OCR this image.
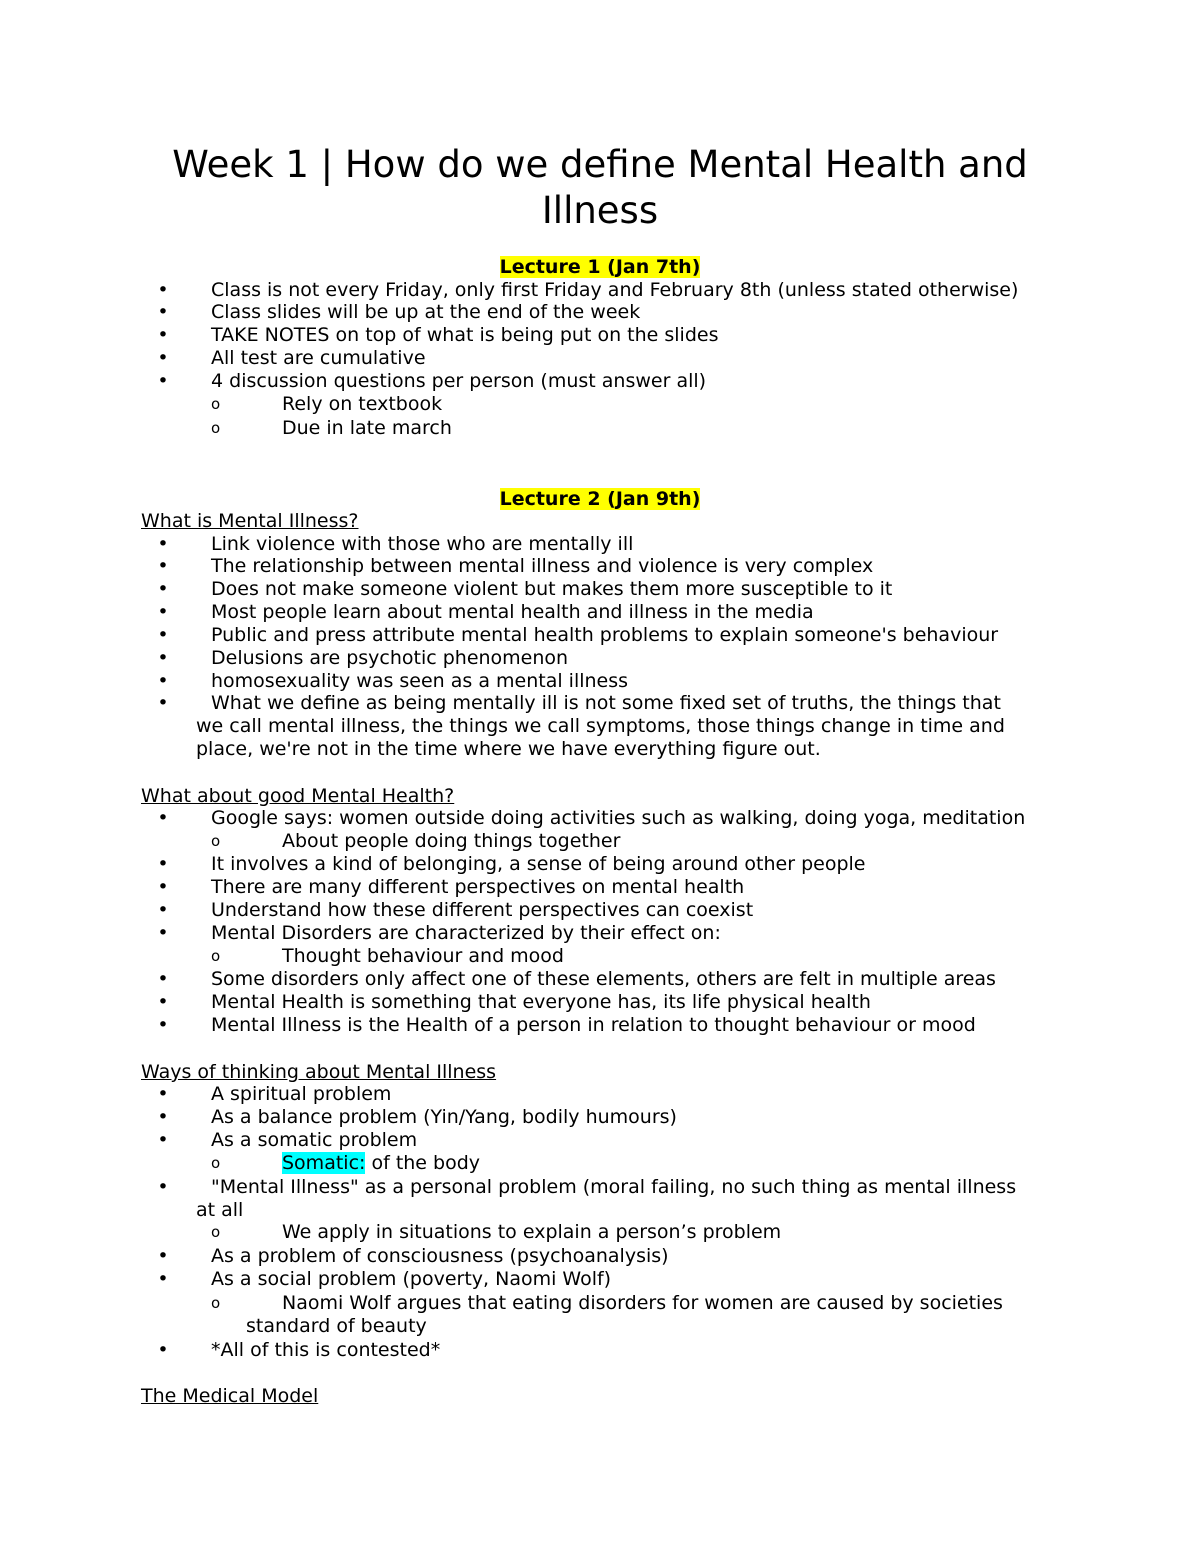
Week 1 | How do we define Mental Health and Illness
Lecture 1 (Jan 7th)
• Class is not every Friday, only first Friday and February 8th (unless stated otherwise)
• Class slides will be up at the end of the week
• TAKE NOTES on top of what is being put on the slides
• All test are cumulative
• 4 discussion questions per person (must answer all)
o	Rely on textbook
o	Due in late march
Lecture 2 (Jan 9th)
What is Mental Illness?
• Link violence with those who are mentally ill
• The relationship between mental illness and violence is very complex
• Does not make someone violent but makes them more susceptible to it
• Most people learn about mental health and illness in the media
• Public and press attribute mental health problems to explain someone's behaviour
• Delusions are psychotic phenomenon
• homosexuality was seen as a mental illness
• What we define as being mentally ill is not some fixed set of truths, the things that
we call mental illness, the things we call symptoms, those things change in time and
place, we're not in the time where we have everything figure out.
What about good Mental Health?
• Google says: women outside doing activities such as walking, doing yoga, meditation
o	About people doing things together
• It involves a kind of belonging, a sense of being around other people
• There are many different perspectives on mental health
• Understand how these different perspectives can coexist
• Mental Disorders are characterized by their effect on:
o	Thought behaviour and mood
• Some disorders only affect one of these elements, others are felt in multiple areas
• Mental Health is something that everyone has, its life physical health
• Mental Illness is the Health of a person in relation to thought behaviour or mood
Ways of thinking about Mental Illness
• A spiritual problem
• As a balance problem (Yin/Yang, bodily humours)
• As a somatic problem
o	Somatic: of the body
• "Mental Illness" as a personal problem (moral failing, no such thing as mental illness
at all
o	We apply in situations to explain a person’s problem
• As a problem of consciousness (psychoanalysis)
• As a social problem (poverty, Naomi Wolf)
o	Naomi Wolf argues that eating disorders for women are caused by societies
standard of beauty
• *All of this is contested*
The Medical Model
